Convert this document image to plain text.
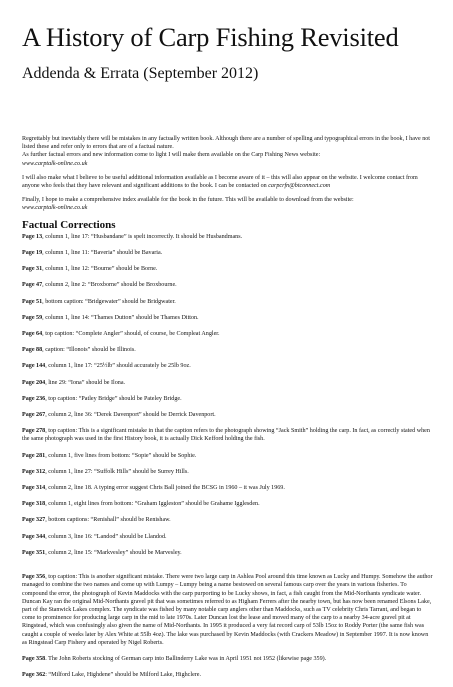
A History of Carp Fishing Revisited
Addenda & Errata (September 2012)

Regrettably but inevitably there will be mistakes in any factually written book. Although there are a number of spelling and typographical errors in the book, I have not listed these and refer only to errors that are of a factual nature.
As further factual errors and new information come to light I will make them available on the Carp Fishing News website:
www.carptalk-online.co.uk

I will also make what I believe to be useful additional information available as I become aware of it – this will also appear on the website. I welcome contact from anyone who feels that they have relevant and significant additions to the book. I can be contacted on carpcrfn@btconnect.com

Finally, I hope to make a comprehensive index available for the book in the future. This will be available to download from the website:
www.carptalk-online.co.uk

Factual Corrections

Page 13, column 1, line 17: “Husbandane” is spelt incorrectly. It should be Husbandmans.

Page 19, column 1, line 11: “Baveria” should be Bavaria.

Page 31, column 1, line 12: “Bourne” should be Borne.

Page 47, column 2, line 2: “Broxborne” should be Broxbourne.

Page 51, bottom caption: “Bridgewater” should be Bridgwater.

Page 59, column 1, line 14: “Thames Dutton” should be Thames Ditton.

Page 64, top caption: “Complete Angler” should, of course, be Compleat Angler.

Page 88, caption: “Illonois” should be Illinois.

Page 144, column 1, line 17: “25½lb” should accurately be 25lb 9oz.

Page 204, line 29: “Iona” should be Ilona.

Page 236, top caption: “Patley Bridge” should be Pateley Bridge.

Page 267, column 2, line 36: “Derek Davenport” should be Derrick Davenport.

Page 278, top caption: This is a significant mistake in that the caption refers to the photograph showing “Jack Smith” holding the carp. In fact, as correctly stated when the same photograph was used in the first History book, it is actually Dick Kefford holding the fish.

Page 281, column 1, five lines from bottom: “Sopie” should be Sophie.

Page 312, column 1, line 27: “Suffolk Hills” should be Surrey Hills.

Page 314, column 2, line 18. A typing error suggest Chris Ball joined the BCSG in 1960 – it was July 1969.

Page 318, column 1, eight lines from bottom: “Graham Iggleston” should be Grahame Igglesden.

Page 327, bottom captions: “Renishall” should be Renishaw.

Page 344, column 3, line 16: “Landod” should be Llandod.

Page 351, column 2, line 15: “Markvesley” should be Marvesley.

Page 356, top caption: This is another significant mistake. There were two large carp in Ashlea Pool around this time known as Lucky and Humpy. Somehow the author managed to combine the two names and come up with Lumpy – Lumpy being a name bestowed on several famous carp over the years in various fisheries. To compound the error, the photograph of Kevin Maddocks with the carp purporting to be Lucky shows, in fact, a fish caught from the Mid-Northants syndicate water. Duncan Kay ran the original Mid-Northants gravel pit that was sometimes referred to as Higham Ferrers after the nearby town, but has now been renamed Elsons Lake, part of the Stanwick Lakes complex. The syndicate was fished by many notable carp anglers other than Maddocks, such as TV celebrity Chris Tarrant, and began to come to prominence for producing large carp in the mid to late 1970s. Later Duncan lost the lease and moved many of the carp to a nearby 34-acre gravel pit at Ringstead, which was confusingly also given the name of Mid-Northants. In 1995 it produced a very fat record carp of 53lb 15oz to Roddy Porter (the same fish was caught a couple of weeks later by Alex White at 55lb 4oz). The lake was purchased by Kevin Maddocks (with Crackers Meadow) in September 1997. It is now known as Ringstead Carp Fishery and operated by Nigel Roberts.

Page 358. The John Roberts stocking of German carp into Ballinderry Lake was in April 1951 not 1952 (likewise page 359).

Page 362: “Milford Lake, Highdene” should be Milford Lake, Highclere.
